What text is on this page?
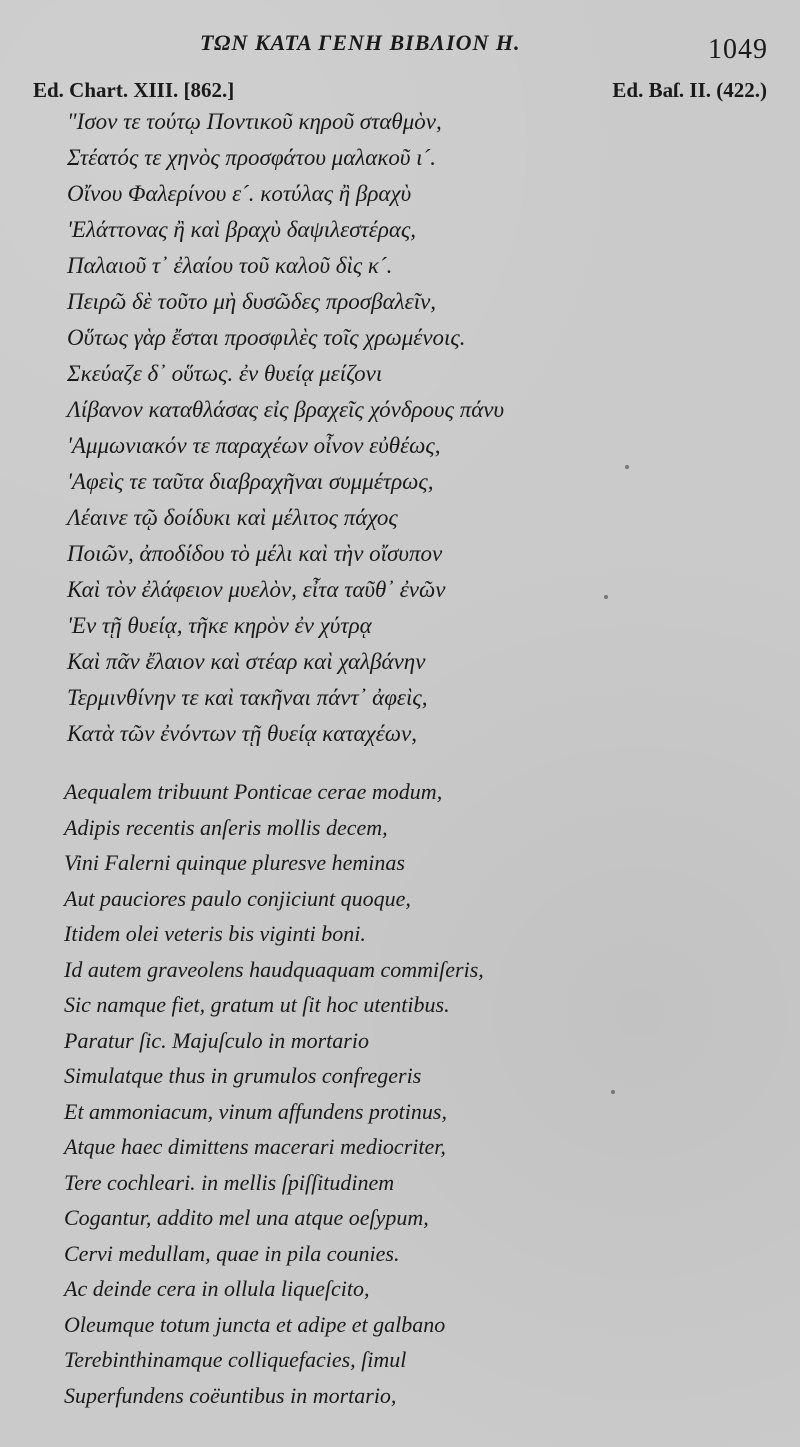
ΤΩΝ ΚΑΤΑ ΓΕΝΗ ΒΙΒΛΙΟΝ Η.	1049
Ed. Chart. XIII. [862.]	Ed. Baſ. II. (422.)
"Ισον τε τούτῳ Ποντικοῦ κηροῦ σταθμὸν,
Στέατός τε χηνὸς προσφάτου μαλακοῦ ι´.
Οἴνου Φαλερίνου ε´. κοτύλας ἢ βραχὺ
'Ελάττονας ἢ καὶ βραχὺ δαψιλεστέρας,
Παλαιοῦ τ᾿ ἐλαίου τοῦ καλοῦ δὶς κ´.
Πειρῶ δὲ τοῦτο μὴ δυσῶδες προσβαλεῖν,
Οὕτως γὰρ ἔσται προσφιλὲς τοῖς χρωμένοις.
Σκεύαζε δ᾿ οὕτως. ἐν θυείᾳ μείζονι
Λίβανον καταθλάσας εἰς βραχεῖς χόνδρους πάνυ
'Αμμωνιακόν τε παραχέων οἶνον εὐθέως,
'Αφεὶς τε ταῦτα διαβραχῆναι συμμέτρως,
Λέαινε τῷ δοίδυκι καὶ μέλιτος πάχος
Ποιῶν, ἀποδίδου τὸ μέλι καὶ τὴν οἴσυπον
Καὶ τὸν ἐλάφειον μυελὸν, εἶτα ταῦθ᾿ ἐνῶν
'Εν τῇ θυείᾳ, τῆκε κηρὸν ἐν χύτρᾳ
Καὶ πᾶν ἔλαιον καὶ στέαρ καὶ χαλβάνην
Τερμινθίνην τε καὶ τακῆναι πάντ᾿ ἀφεὶς,
Κατὰ τῶν ἐνόντων τῇ θυείᾳ καταχέων,
Aequalem tribuunt Ponticae cerae modum,
Adipis recentis anſeris mollis decem,
Vini Falerni quinque pluresve heminas
Aut pauciores paulo conjiciunt quoque,
Itidem olei veteris bis viginti boni.
Id autem graveolens haudquaquam commiſeris,
Sic namque fiet, gratum ut ſit hoc utentibus.
Paratur ſic. Majuſculo in mortario
Simulatque thus in grumulos confregeris
Et ammoniacum, vinum affundens protinus,
Atque haec dimittens macerari mediocriter,
Tere cochleari. in mellis ſpiſſitudinem
Cogantur, addito mel una atque oeſypum,
Cervi medullam, quae in pila counies.
Ac deinde cera in ollula liqueſcito,
Oleumque totum juncta et adipe et galbano
Terebinthinamque colliquefacies, ſimul
Superfundens coëuntibus in mortario,
